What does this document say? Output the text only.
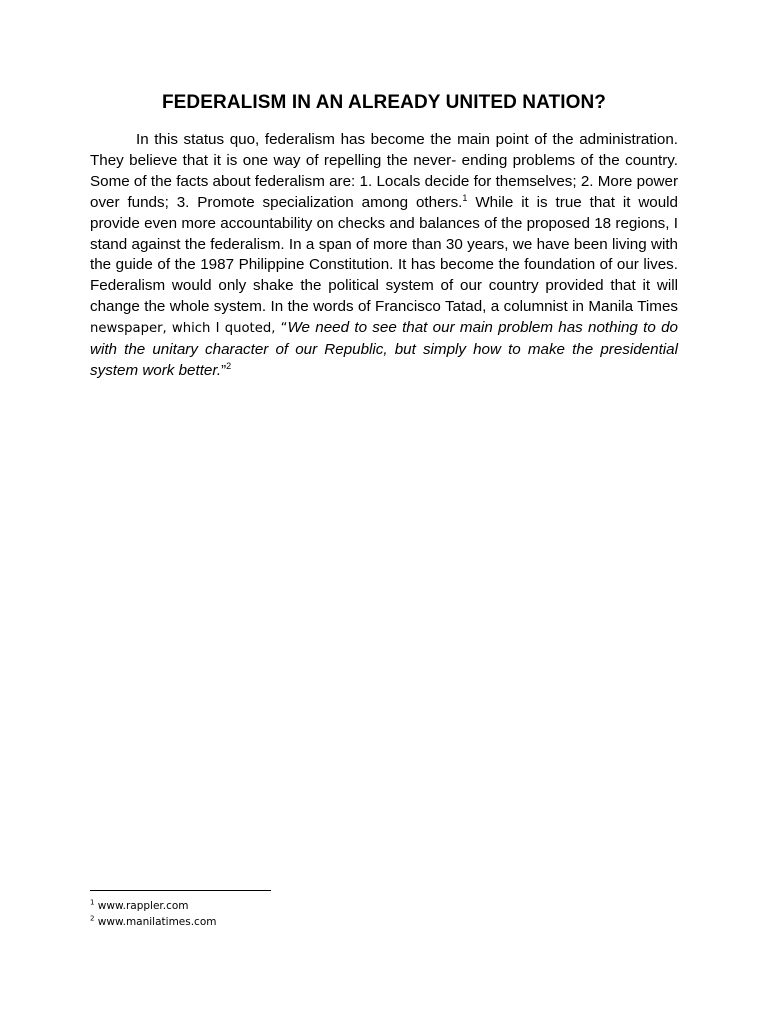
FEDERALISM IN AN ALREADY UNITED NATION?

In this status quo, federalism has become the main point of the administration. They believe that it is one way of repelling the never- ending problems of the country. Some of the facts about federalism are: 1. Locals decide for themselves; 2. More power over funds; 3. Promote specialization among others.$^1$ While it is true that it would provide even more accountability on checks and balances of the proposed 18 regions, I stand against the federalism. In a span of more than 30 years, we have been living with the guide of the 1987 Philippine Constitution. It has become the foundation of our lives. Federalism would only shake the political system of our country provided that it will change the whole system. In the words of Francisco Tatad, a columnist in Manila Times newspaper, which I quoted, “We need to see that our main problem has nothing to do with the unitary character of our Republic, but simply how to make the presidential system work better.”$^2$

$^1$ www.rappler.com
$^2$ www.manilatimes.com
